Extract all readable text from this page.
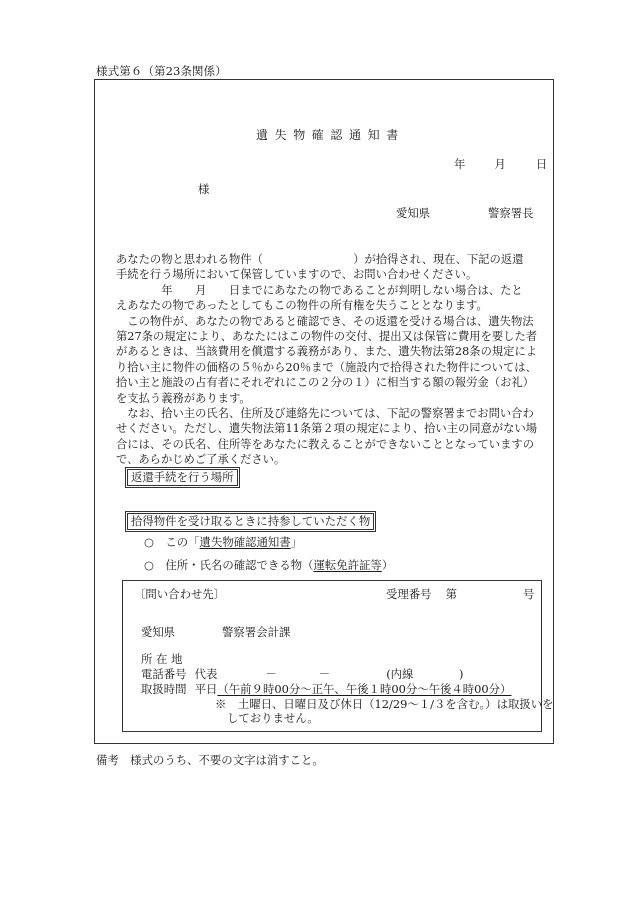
様式第６（第23条関係）
遺失物確認通知書
年	月	日
様
愛知県	警察署長

あなたの物と思われる物件（　　　　　　　　）が拾得され、現在、下記の返還

手続を行う場所において保管していますので、お問い合わせください。

　　　　年　　月　　日までにあなたの物であることが判明しない場合は、たと

えあなたの物であったとしてもこの物件の所有権を失うこととなります。

　この物件が、あなたの物であると確認でき、その返還を受ける場合は、遺失物法

第27条の規定により、あなたにはこの物件の交付、提出又は保管に費用を要した者

があるときは、当該費用を償還する義務があり、また、遺失物法第28条の規定によ

り拾い主に物件の価格の５％から20％まで（施設内で拾得された物件については、

拾い主と施設の占有者にそれぞれにこの２分の１）に相当する額の報労金（お礼）

を支払う義務があります。

　なお、拾い主の氏名、住所及び連絡先については、下記の警察署までお問い合わ

せください。ただし、遺失物法第11条第２項の規定により、拾い主の同意がない場

合には、その氏名、住所等をあなたに教えることができないこととなっていますの

で、あらかじめご了承ください。

返還手続を行う場所
拾得物件を受け取るときに持参していただく物
○　 この「遺失物確認通知書」
○　 住所・氏名の確認できる物（運転免許証等）
〔問い合わせ先〕	受理番号 第	号
愛知県	警察署会計課
所 在 地
電話番号 代表	－	－	(内線　　　　)
取扱時間 平日（午前９時00分～正午、午後１時00分～午後４時00分）
※　 土曜日、日曜日及び休日（12/29～１/３を含む。）は取扱いを
しておりません。
備考　様式のうち、不要の文字は消すこと。
